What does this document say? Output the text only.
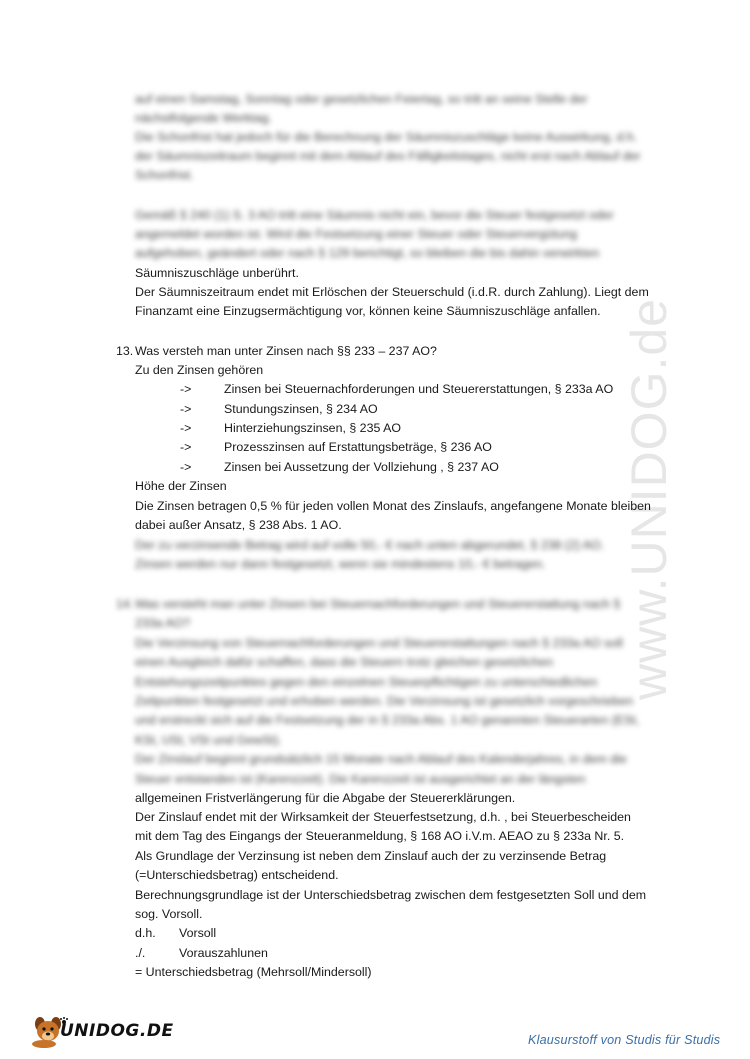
www.UNIDOG.de
auf einen Samstag, Sonntag oder gesetzlichen Feiertag, so tritt an seine Stelle der
nächstfolgende Werktag.
Die Schonfrist hat jedoch für die Berechnung der Säumniszuschläge keine Auswirkung, d.h.
der Säumniszeitraum beginnt mit dem Ablauf des Fälligkeitstages, nicht erst nach Ablauf der
Schonfrist.
Gemäß § 240 (1) S. 3 AO tritt eine Säumnis nicht ein, bevor die Steuer festgesetzt oder
angemeldet worden ist. Wird die Festsetzung einer Steuer oder Steuervergütung
aufgehoben, geändert oder nach § 129 berichtigt, so bleiben die bis dahin verwirkten
Säumniszuschläge unberührt.
Der Säumniszeitraum endet mit Erlöschen der Steuerschuld (i.d.R. durch Zahlung). Liegt dem
Finanzamt eine Einzugsermächtigung vor, können keine Säumniszuschläge anfallen.
13. Was versteh man unter Zinsen nach §§ 233 – 237 AO?
Zu den Zinsen gehören
->	Zinsen bei Steuernachforderungen und Steuererstattungen, § 233a AO
->	Stundungszinsen, § 234 AO
->	Hinterziehungszinsen, § 235 AO
->	Prozesszinsen auf Erstattungsbeträge, § 236 AO
->	Zinsen bei Aussetzung der Vollziehung , § 237 AO
Höhe der Zinsen
Die Zinsen betragen 0,5 % für jeden vollen Monat des Zinslaufs, angefangene Monate bleiben
dabei außer Ansatz, § 238 Abs. 1 AO.
Der zu verzinsende Betrag wird auf volle 50,- € nach unten abgerundet, § 238 (2) AO.
Zinsen werden nur dann festgesetzt, wenn sie mindestens 10,- € betragen.
14. Was versteht man unter Zinsen bei Steuernachforderungen und Steuererstattung nach §
233a AO?
Die Verzinsung von Steuernachforderungen und Steuererstattungen nach § 233a AO soll
einen Ausgleich dafür schaffen, dass die Steuern trotz gleichen gesetzlichen
Entstehungszeitpunktes gegen den einzelnen Steuerpflichtigen zu unterschiedlichen
Zeitpunkten festgesetzt und erhoben werden. Die Verzinsung ist gesetzlich vorgeschrieben
und erstreckt sich auf die Festsetzung der in § 233a Abs. 1 AO genannten Steuerarten (ESt,
KSt, USt, VSt und GewSt).
Der Zinslauf beginnt grundsätzlich 15 Monate nach Ablauf des Kalenderjahres, in dem die
Steuer entstanden ist (Karenzzeit). Die Karenzzeit ist ausgerichtet an der längsten
allgemeinen Fristverlängerung für die Abgabe der Steuererklärungen.
Der Zinslauf endet mit der Wirksamkeit der Steuerfestsetzung, d.h. , bei Steuerbescheiden
mit dem Tag des Eingangs der Steueranmeldung, § 168 AO i.V.m. AEAO zu § 233a Nr. 5.
Als Grundlage der Verzinsung ist neben dem Zinslauf auch der zu verzinsende Betrag
(=Unterschiedsbetrag) entscheidend.
Berechnungsgrundlage ist der Unterschiedsbetrag zwischen dem festgesetzten Soll und dem
sog. Vorsoll.
d.h. Vorsoll
./.	Vorauszahlunen
= Unterschiedsbetrag (Mehrsoll/Mindersoll)
UNIDOG.DE	Klausurstoff von Studis für Studis
